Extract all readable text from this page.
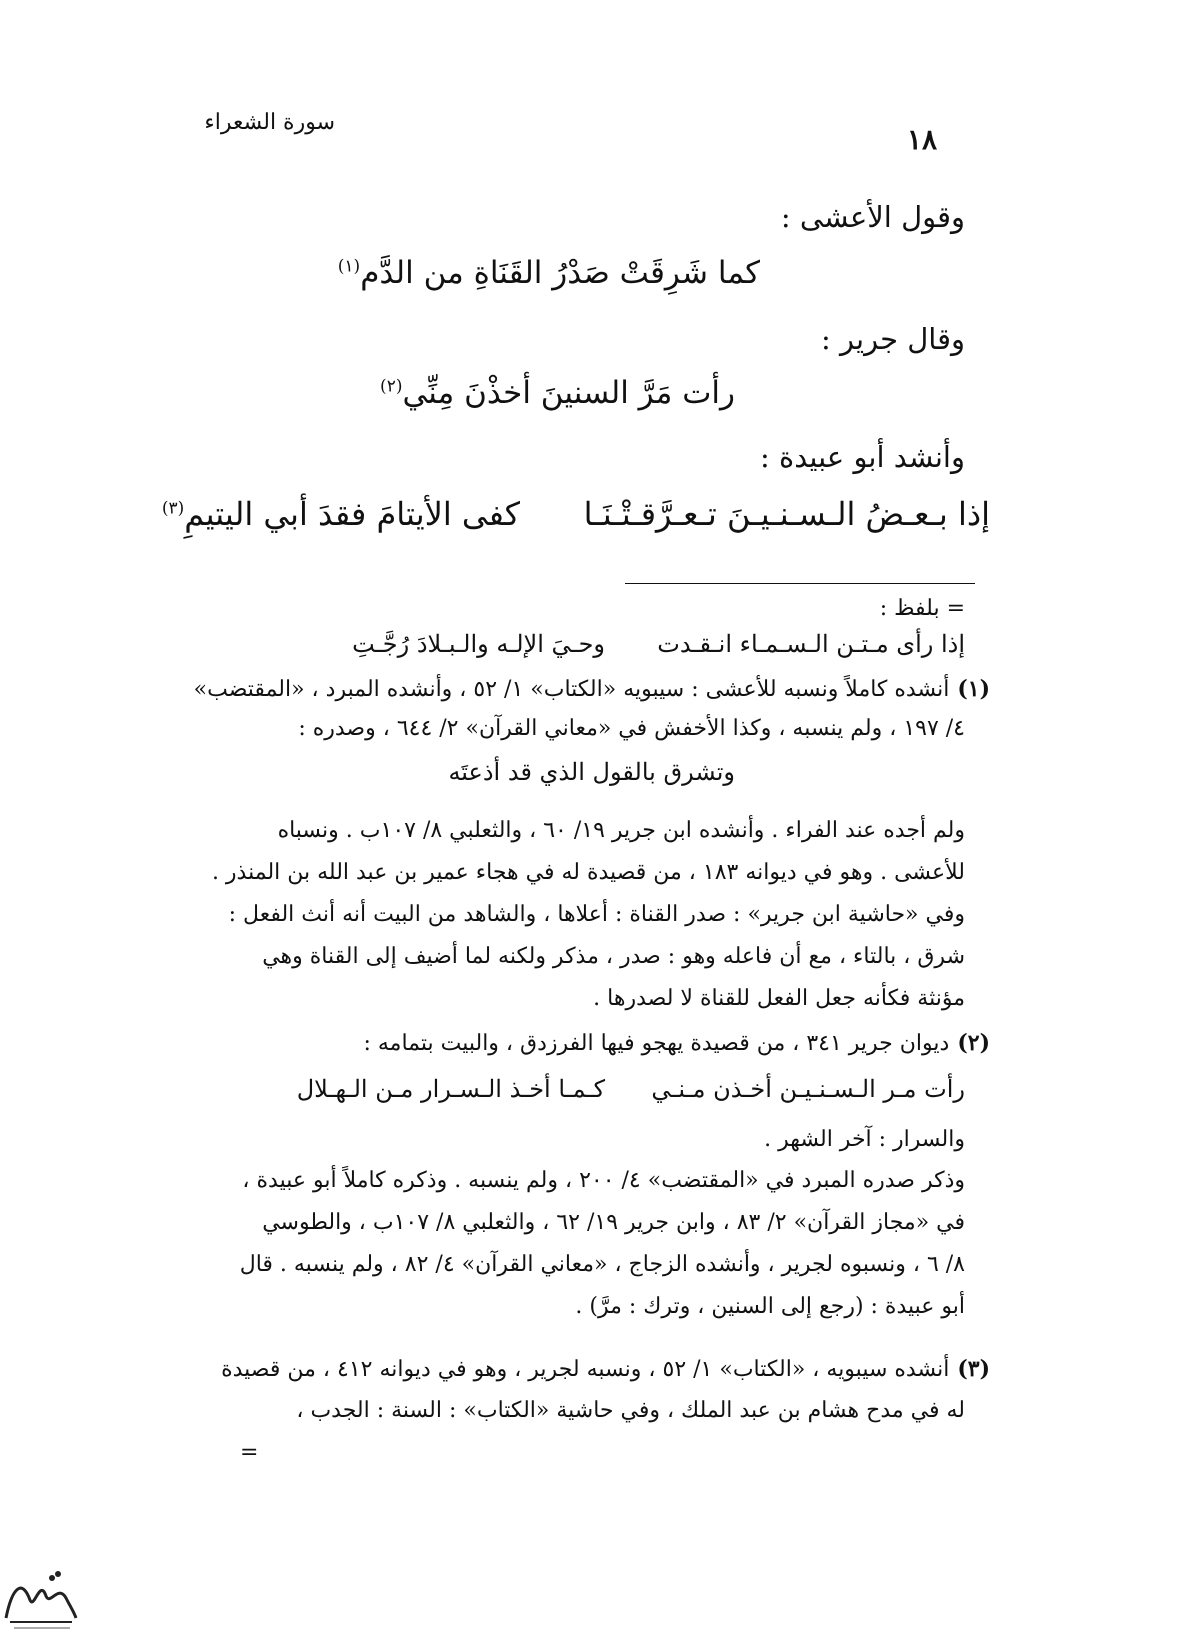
سورة الشعراء
١٨
وقول الأعشى :
كما شَرِقَتْ صَدْرُ القَنَاةِ من الدَّم$^{(١)}$
وقال جرير :
رأت مَرَّ السنينَ أخذْنَ مِنِّي$^{(٢)}$
وأنشد أبو عبيدة :
إذا بـعـضُ الـسـنـيـنَ تـعـرَّقـتْـنَـا
كفى الأيتامَ فقدَ أبي اليتيمِ$^{(٣)}$
= بلفظ :
إذا رأى مـتـن الـسـمـاء انـقـدت
وحـيَ الإلـه والـبـلادَ رُجَّـتِ
(١)أنشده كاملاً ونسبه للأعشى : سيبويه «الكتاب» ١/ ٥٢ ، وأنشده المبرد ، «المقتضب»
٤/ ١٩٧ ، ولم ينسبه ، وكذا الأخفش في «معاني القرآن» ٢/ ٦٤٤ ، وصدره :
وتشرق بالقول الذي قد أذعتَه
ولم أجده عند الفراء . وأنشده ابن جرير ١٩/ ٦٠ ، والثعلبي ٨/ ١٠٧ب . ونسباه
للأعشى . وهو في ديوانه ١٨٣ ، من قصيدة له في هجاء عمير بن عبد الله بن المنذر .
وفي «حاشية ابن جرير» : صدر القناة : أعلاها ، والشاهد من البيت أنه أنث الفعل :
شرق ، بالتاء ، مع أن فاعله وهو : صدر ، مذكر ولكنه لما أضيف إلى القناة وهي
مؤنثة فكأنه جعل الفعل للقناة لا لصدرها .
(٢)ديوان جرير ٣٤١ ، من قصيدة يهجو فيها الفرزدق ، والبيت بتمامه :
رأت مـر الـسـنـيـن أخـذن مـنـي
كـمـا أخـذ الـسـرار مـن الـهـلال
والسرار : آخر الشهر .
وذكر صدره المبرد في «المقتضب» ٤/ ٢٠٠ ، ولم ينسبه . وذكره كاملاً أبو عبيدة ،
في «مجاز القرآن» ٢/ ٨٣ ، وابن جرير ١٩/ ٦٢ ، والثعلبي ٨/ ١٠٧ب ، والطوسي
٨/ ٦ ، ونسبوه لجرير ، وأنشده الزجاج ، «معاني القرآن» ٤/ ٨٢ ، ولم ينسبه . قال
أبو عبيدة : (رجع إلى السنين ، وترك : مرَّ) .
(٣)أنشده سيبويه ، «الكتاب» ١/ ٥٢ ، ونسبه لجرير ، وهو في ديوانه ٤١٢ ، من قصيدة
له في مدح هشام بن عبد الملك ، وفي حاشية «الكتاب» : السنة : الجدب ،
=
